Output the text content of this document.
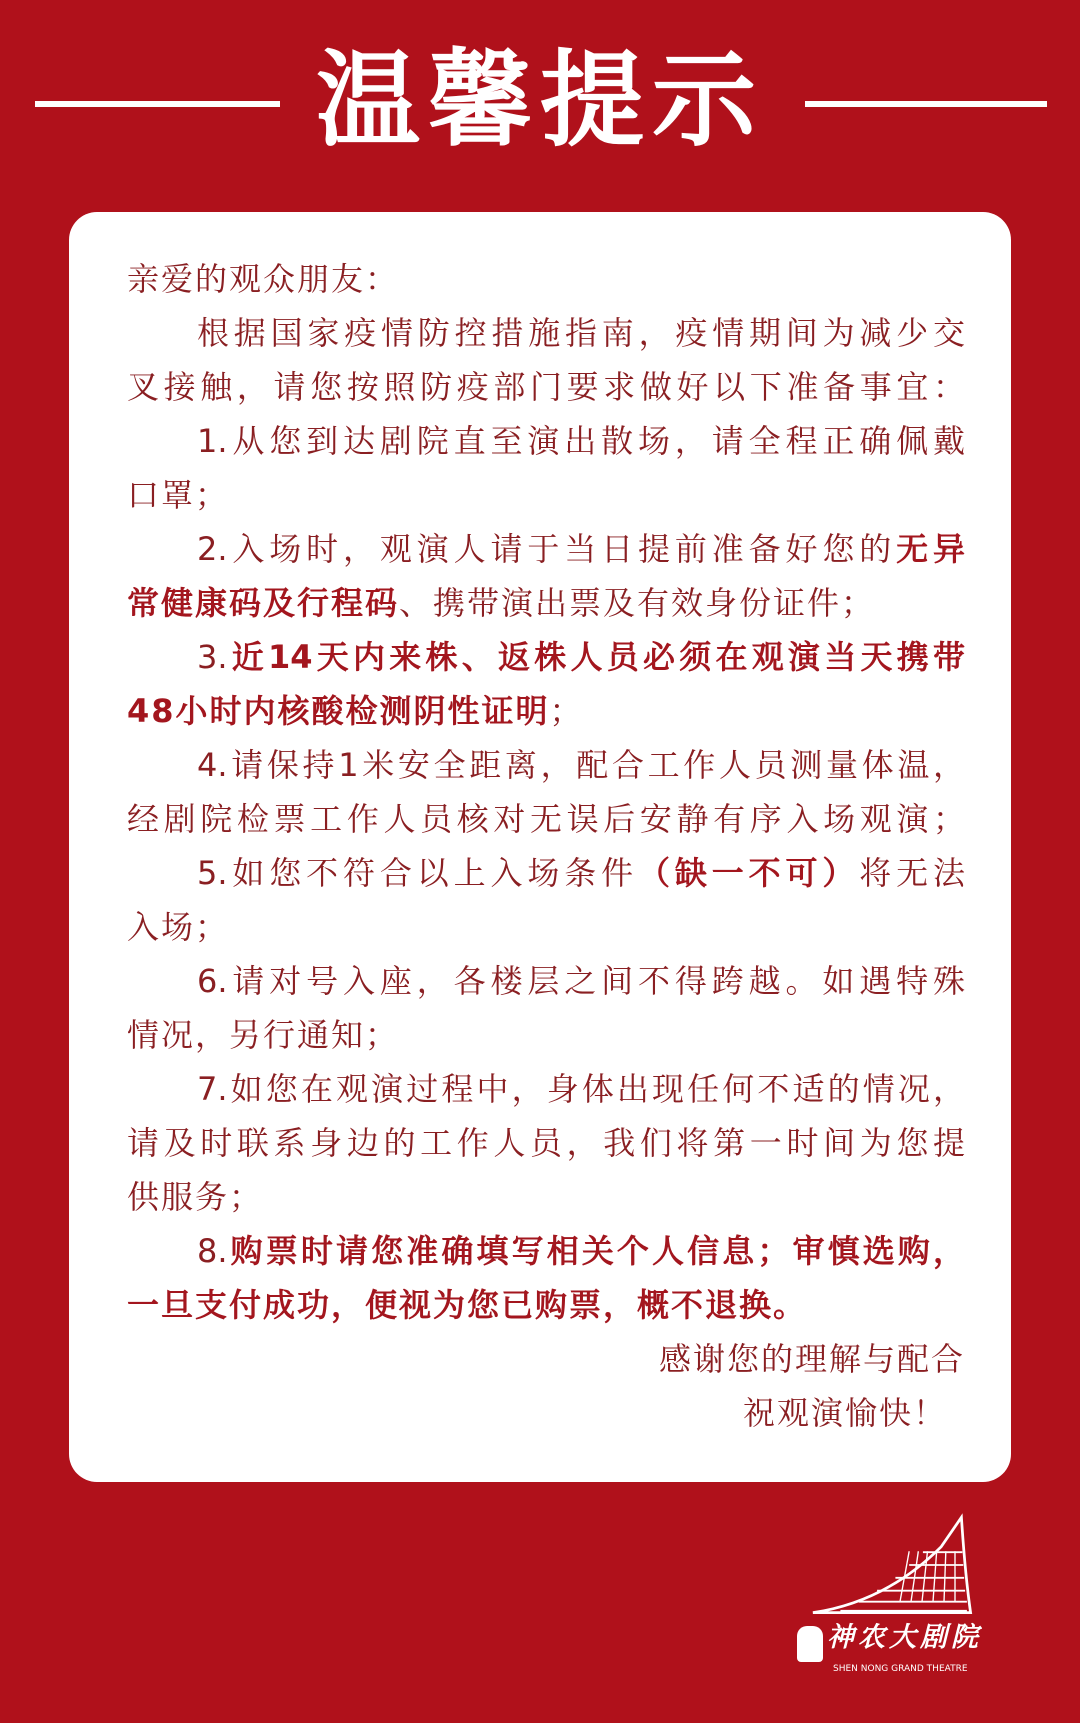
温馨提示
亲爱的观众朋友：
根据国家疫情防控措施指南，疫情期间为减少交
叉接触，请您按照防疫部门要求做好以下准备事宜：
1.从您到达剧院直至演出散场，请全程正确佩戴
口罩；
2.入场时，观演人请于当日提前准备好您的无异
常健康码及行程码、携带演出票及有效身份证件；
3.近14天内来株、返株人员必须在观演当天携带
48小时内核酸检测阴性证明；
4.请保持1米安全距离，配合工作人员测量体温，
经剧院检票工作人员核对无误后安静有序入场观演；
5.如您不符合以上入场条件（缺一不可）将无法
入场；
6.请对号入座，各楼层之间不得跨越。如遇特殊
情况，另行通知；
7.如您在观演过程中，身体出现任何不适的情况，
请及时联系身边的工作人员，我们将第一时间为您提
供服务；
8.购票时请您准确填写相关个人信息；审慎选购，
一旦支付成功，便视为您已购票，概不退换。
感谢您的理解与配合
祝观演愉快！
神农大剧院
SHEN NONG GRAND THEATRE
